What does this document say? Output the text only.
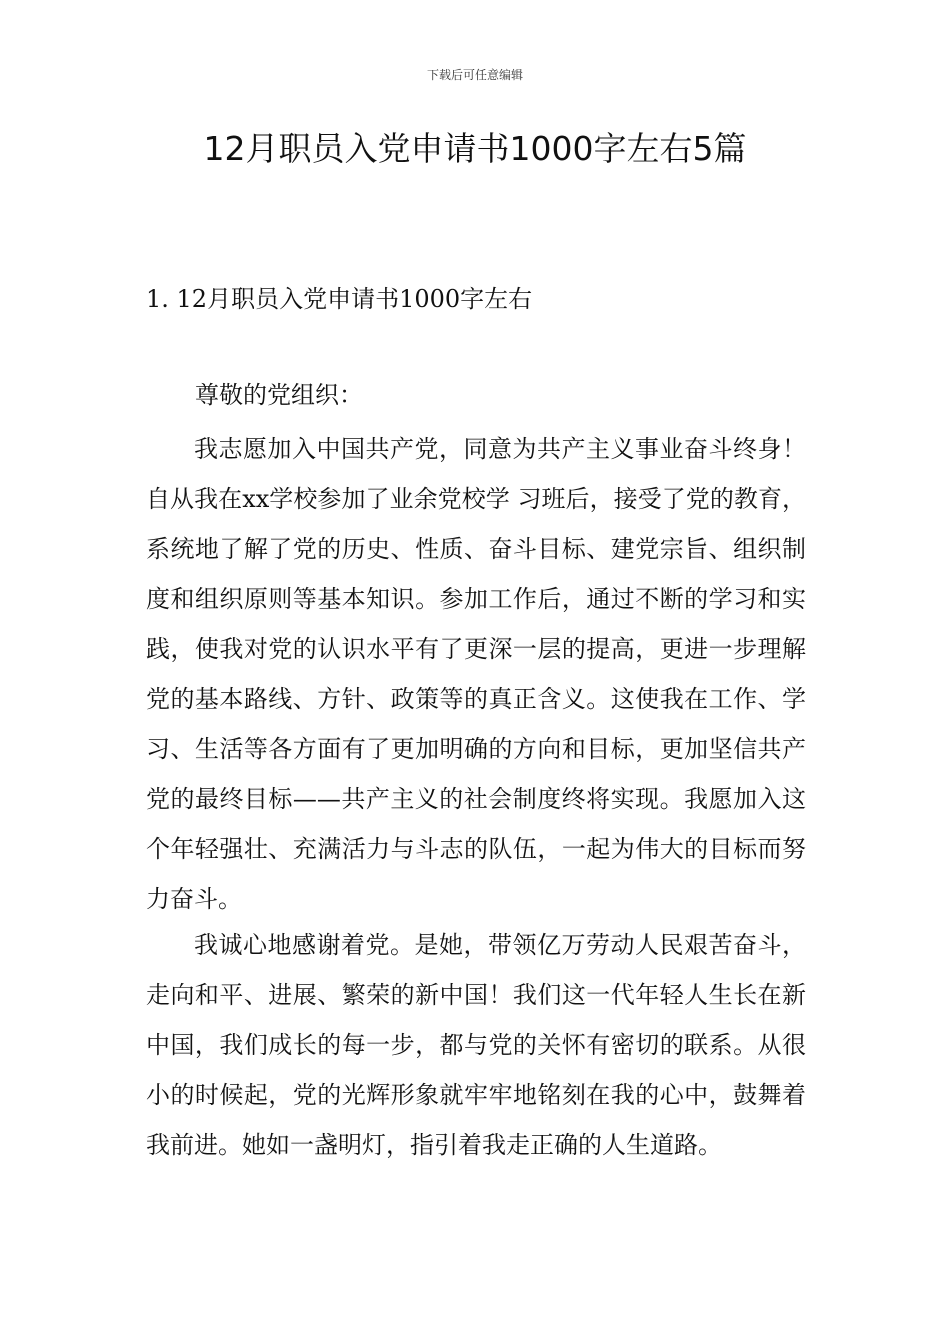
下载后可任意编辑
12月职员入党申请书1000字左右5篇
1. 12月职员入党申请书1000字左右

尊敬的党组织：

我志愿加入中国共产党，同意为共产主义事业奋斗终身！自从我在xx学校参加了业余党校学 习班后，接受了党的教育，系统地了解了党的历史、性质、奋斗目标、建党宗旨、组织制度和组织原则等基本知识。参加工作后，通过不断的学习和实践，使我对党的认识水平有了更深一层的提高，更进一步理解党的基本路线、方针、政策等的真正含义。这使我在工作、学习、生活等各方面有了更加明确的方向和目标，更加坚信共产党的最终目标——共产主义的社会制度终将实现。我愿加入这个年轻强壮、充满活力与斗志的队伍，一起为伟大的目标而努力奋斗。

我诚心地感谢着党。是她，带领亿万劳动人民艰苦奋斗，走向和平、进展、繁荣的新中国！我们这一代年轻人生长在新中国，我们成长的每一步，都与党的关怀有密切的联系。从很小的时候起，党的光辉形象就牢牢地铭刻在我的心中，鼓舞着我前进。她如一盏明灯，指引着我走正确的人生道路。
